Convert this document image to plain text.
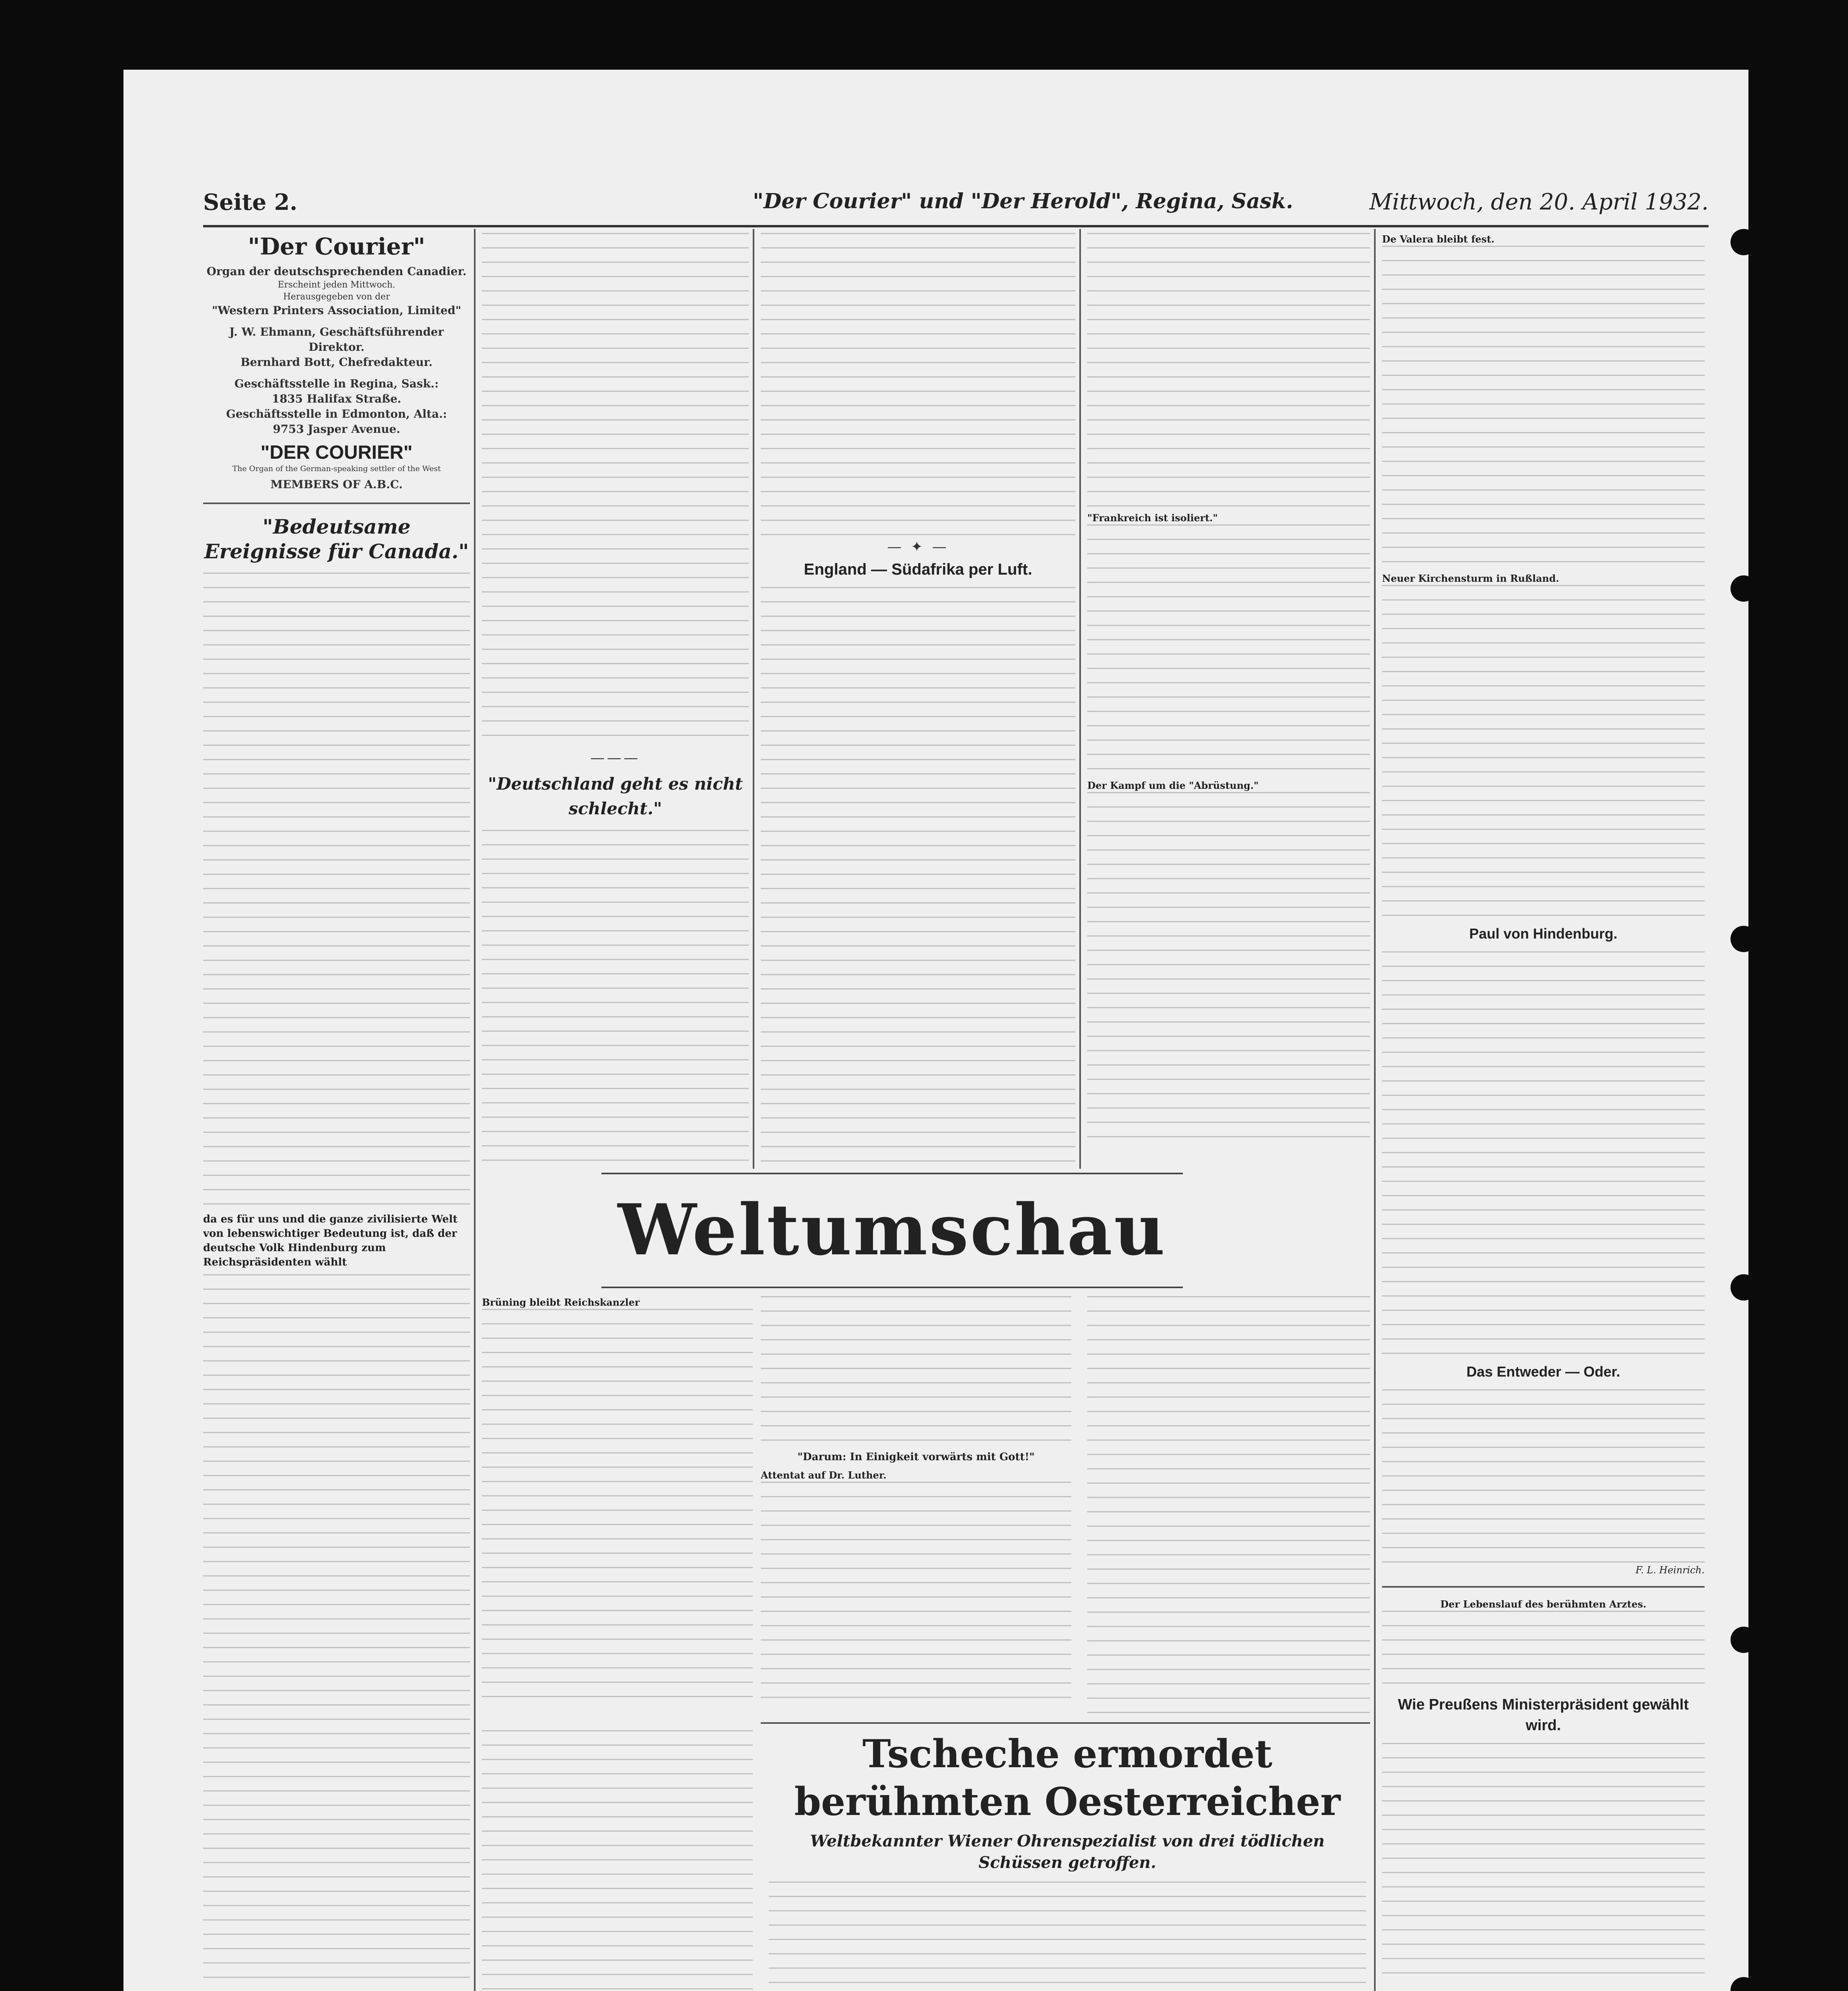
Seite 2.	"Der Courier" und "Der Herold", Regina, Sask.	Mittwoch, den 20. April 1932.
"Der Courier"
Organ der deutschsprechenden Canadier.
Erscheint jeden Mittwoch.
Herausgegeben von der
"Western Printers Association, Limited"
J. W. Ehmann, Geschäftsführender Direktor.
Bernhard Bott, Chefredakteur.
Geschäftsstelle in Regina, Sask.:
1835 Halifax Straße.
Geschäftsstelle in Edmonton, Alta.:
9753 Jasper Avenue.
"DER COURIER"
The Organ of the German-speaking settler of the West
MEMBERS OF A.B.C.
"Bedeutsame Ereignisse für Canada."
da es für uns und die ganze zivilisierte Welt von lebenswichtiger Bedeutung ist, daß der deutsche Volk Hindenburg zum Reichspräsidenten wählt
———
"Deutschland geht es nicht schlecht."
— ✦ —
England — Südafrika per Luft.
"Frankreich ist isoliert."
Der Kampf um die "Abrüstung."
Weltumschau
Brüning bleibt Reichskanzler
"Darum: In Einigkeit vorwärts mit Gott!"
Attentat auf Dr. Luther.
Tscheche ermordet berühmten Oesterreicher
Weltbekannter Wiener Ohrenspezialist von drei tödlichen Schüssen getroffen.
De Valera bleibt fest.
Neuer Kirchensturm in Rußland.
Paul von Hindenburg.
Das Entweder — Oder.
F. L. Heinrich.
Der Lebenslauf des berühmten Arztes.
Wie Preußens Ministerpräsident gewählt wird.
